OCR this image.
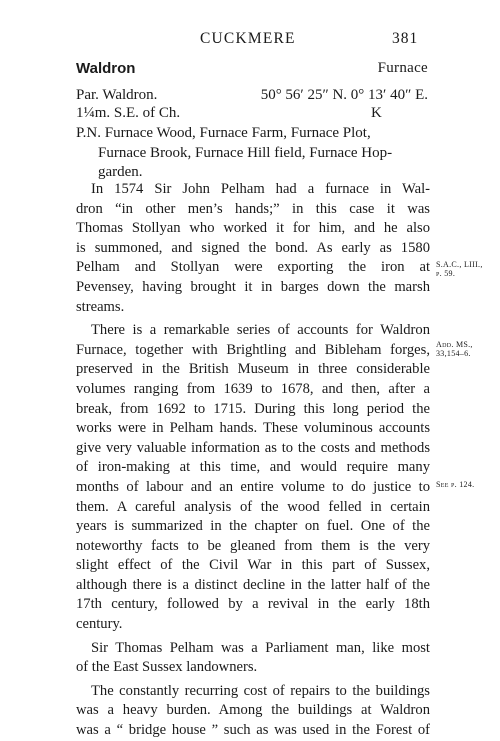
CUCKMERE	381
Waldron	Furnace
Par. Waldron.	50° 56′ 25″ N. 0° 13′ 40″ E.
1¼m. S.E. of Ch.	K
P.N. Furnace Wood, Furnace Farm, Furnace Plot,
Furnace Brook, Furnace Hill field, Furnace Hop-
garden.
In 1574 Sir John Pelham had a furnace in Wal-
dron “in other men’s hands;” in this case it was
Thomas Stollyan who worked it for him, and he also
is summoned, and signed the bond. As early as 1580
Pelham and Stollyan were exporting the iron at
Pevensey, having brought it in barges down the marsh
streams.
There is a remarkable series of accounts for Waldron
Furnace, together with Brightling and Bibleham forges,
preserved in the British Museum in three considerable
volumes ranging from 1639 to 1678, and then, after a
break, from 1692 to 1715. During this long period the
works were in Pelham hands. These voluminous accounts
give very valuable information as to the costs and methods
of iron-making at this time, and would require many
months of labour and an entire volume to do justice to
them. A careful analysis of the wood felled in certain
years is summarized in the chapter on fuel. One of the
noteworthy facts to be gleaned from them is the very
slight effect of the Civil War in this part of Sussex,
although there is a distinct decline in the latter half of the
17th century, followed by a revival in the early 18th
century.
Sir Thomas Pelham was a Parliament man, like most
of the East Sussex landowners.
The constantly recurring cost of repairs to the buildings
was a heavy burden. Among the buildings at Waldron
was a “ bridge house ” such as was used in the Forest of
S.A.C., LIII.,
p. 59.
Add. MS.,
33,154–6.
See p. 124.
